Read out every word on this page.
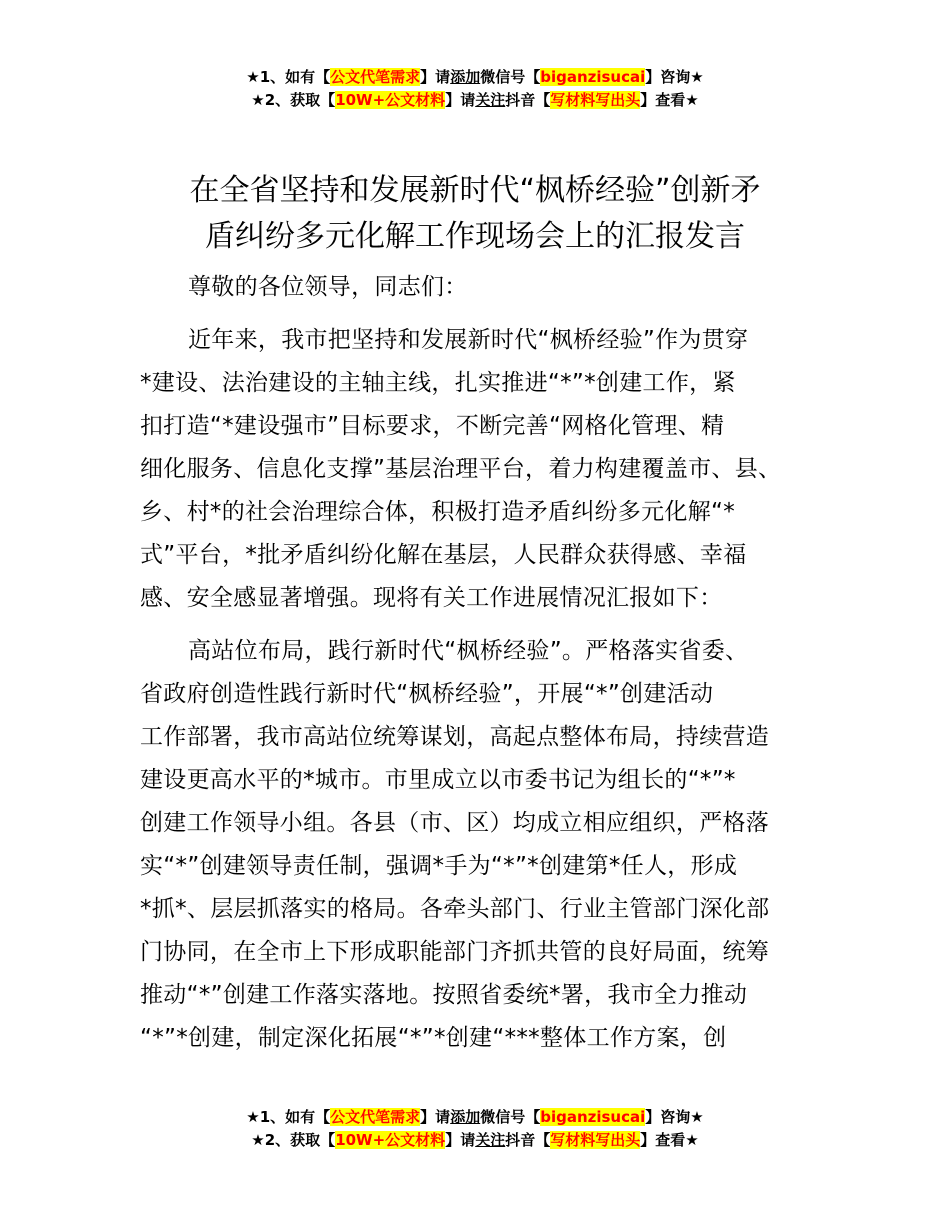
★1、如有【公文代笔需求】请添加微信号【biganzisucai】咨询★
★2、获取【10W+公文材料】请关注抖音【写材料写出头】查看★
在全省坚持和发展新时代“枫桥经验”创新矛
盾纠纷多元化解工作现场会上的汇报发言
尊敬的各位领导，同志们：
近年来，我市把坚持和发展新时代“枫桥经验”作为贯穿
*建设、法治建设的主轴主线，扎实推进“*”*创建工作，紧
扣打造“*建设强市”目标要求，不断完善“网格化管理、精
细化服务、信息化支撑”基层治理平台，着力构建覆盖市、县、
乡、村*的社会治理综合体，积极打造矛盾纠纷多元化解“*
式”平台，*批矛盾纠纷化解在基层，人民群众获得感、幸福
感、安全感显著增强。现将有关工作进展情况汇报如下：
高站位布局，践行新时代“枫桥经验”。严格落实省委、
省政府创造性践行新时代“枫桥经验”，开展“*”创建活动
工作部署，我市高站位统筹谋划，高起点整体布局，持续营造
建设更高水平的*城市。市里成立以市委书记为组长的“*”*
创建工作领导小组。各县（市、区）均成立相应组织，严格落
实“*”创建领导责任制，强调*手为“*”*创建第*任人，形成
*抓*、层层抓落实的格局。各牵头部门、行业主管部门深化部
门协同，在全市上下形成职能部门齐抓共管的良好局面，统筹
推动“*”创建工作落实落地。按照省委统*署，我市全力推动
“*”*创建，制定深化拓展“*”*创建“***整体工作方案，创
★1、如有【公文代笔需求】请添加微信号【biganzisucai】咨询★
★2、获取【10W+公文材料】请关注抖音【写材料写出头】查看★
